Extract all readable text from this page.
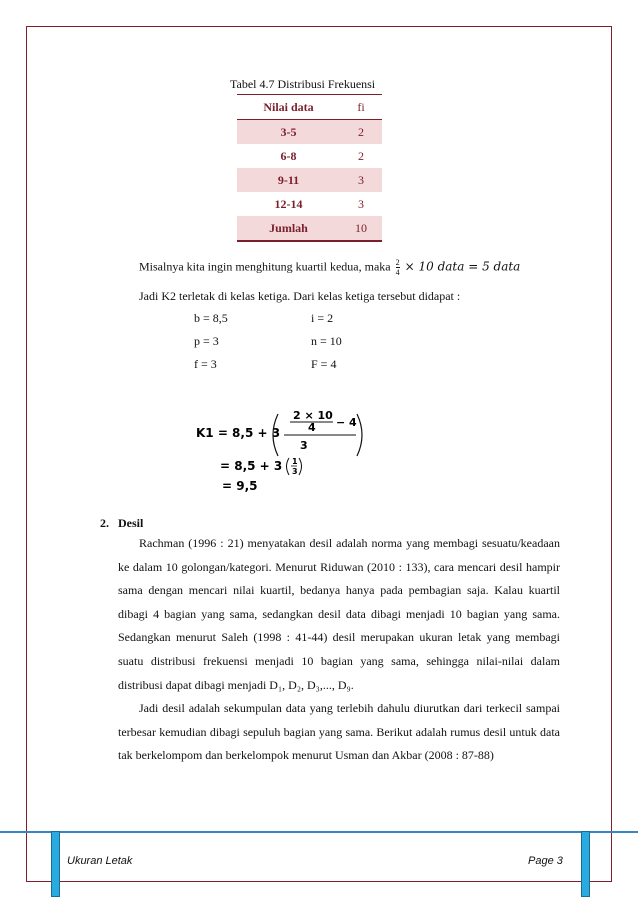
Tabel 4.7 Distribusi Frekuensi
Nilai data	fi
3-5	2
6-8	2
9-11	3
12-14	3
Jumlah	10
Misalnya kita ingin menghitung kuartil kedua, maka $\frac{2}{4} \times 10$ data = 5 data
Jadi K2 terletak di kelas ketiga. Dari kelas ketiga tersebut didapat :
b = 8,5	i = 2
p = 3	n = 10
f = 3	F = 4
K1 = 8,5 + 3
2 × 10
4 − 4
3
= 8,5 + 3 1
3
= 9,5
2. Desil

Rachman (1996 : 21) menyatakan desil adalah norma yang membagi sesuatu/keadaan ke dalam 10 golongan/kategori. Menurut Riduwan (2010 : 133), cara mencari desil hampir sama dengan mencari nilai kuartil, bedanya hanya pada pembagian saja. Kalau kuartil dibagi 4 bagian yang sama, sedangkan desil data dibagi menjadi 10 bagian yang sama. Sedangkan menurut Saleh (1998 : 41-44) desil merupakan ukuran letak yang membagi suatu distribusi frekuensi menjadi 10 bagian yang sama, sehingga nilai-nilai dalam distribusi dapat dibagi menjadi D₁, D₂, D₃,..., D₉.

Jadi desil adalah sekumpulan data yang terlebih dahulu diurutkan dari terkecil sampai terbesar kemudian dibagi sepuluh bagian yang sama. Berikut adalah rumus desil untuk data tak berkelompom dan berkelompok menurut Usman dan Akbar (2008 : 87-88)

Ukuran Letak	Page 3
